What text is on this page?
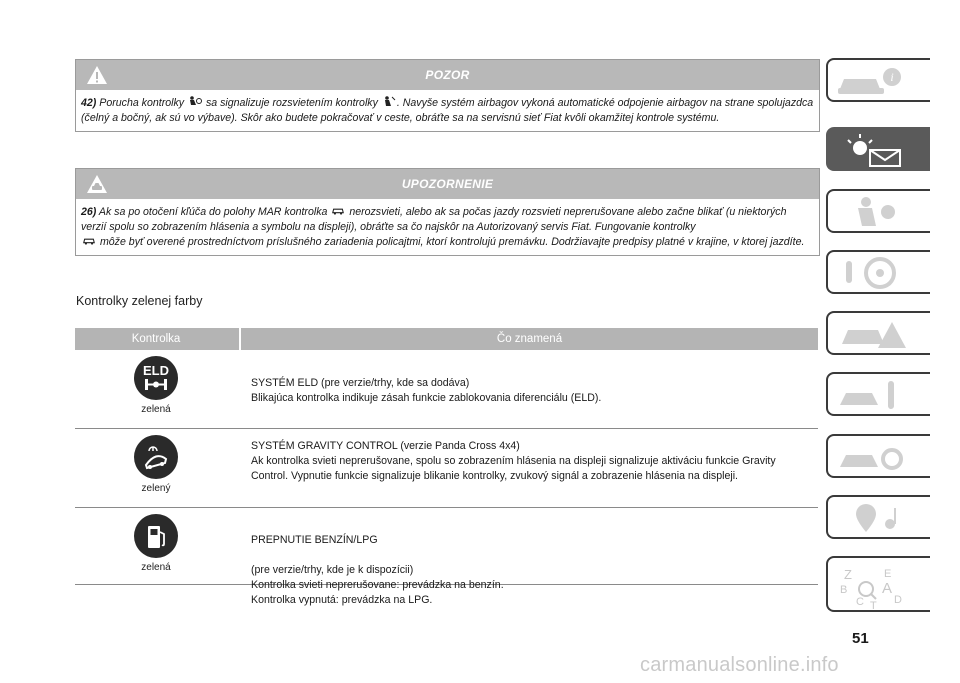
POZOR
42) Porucha kontrolky sa signalizuje rozsvietením kontrolky . Navyše systém airbagov vykoná automatické odpojenie airbagov na strane spolujazdca (čelný a bočný, ak sú vo výbave). Skôr ako budete pokračovať v ceste, obráťte sa na servisnú sieť Fiat kvôli okamžitej kontrole systému.
UPOZORNENIE
26) Ak sa po otočení kľúča do polohy MAR kontrolka nerozsvieti, alebo ak sa počas jazdy rozsvieti neprerušovane alebo začne blikať (u niektorých verzií spolu so zobrazením hlásenia a symbolu na displeji), obráťte sa čo najskôr na Autorizovaný servis Fiat. Fungovanie kontrolky
môže byť overené prostredníctvom príslušného zariadenia policajtmi, ktorí kontrolujú premávku. Dodržiavajte predpisy platné v krajine, v ktorej jazdíte.
Kontrolky zelenej farby
Kontrolka	Čo znamená
ELD
zelená
SYSTÉM ELD (pre verzie/trhy, kde sa dodáva)
Blikajúca kontrolka indikuje zásah funkcie zablokovania diferenciálu (ELD).
zelený
SYSTÉM GRAVITY CONTROL (verzie Panda Cross 4x4)
Ak kontrolka svieti neprerušovane, spolu so zobrazením hlásenia na displeji signalizuje aktiváciu funkcie Gravity Control. Vypnutie funkcie signalizuje blikanie kontrolky, zvukový signál a zobrazenie hlásenia na displeji.
zelená

PREPNUTIE BENZÍN/LPG

(pre verzie/trhy, kde je k dispozícii)
Kontrolka svieti neprerušovane: prevádzka na benzín.
Kontrolka vypnutá: prevádzka na LPG.

i
Z	E
B A
C T D
51
carmanualsonline.info
